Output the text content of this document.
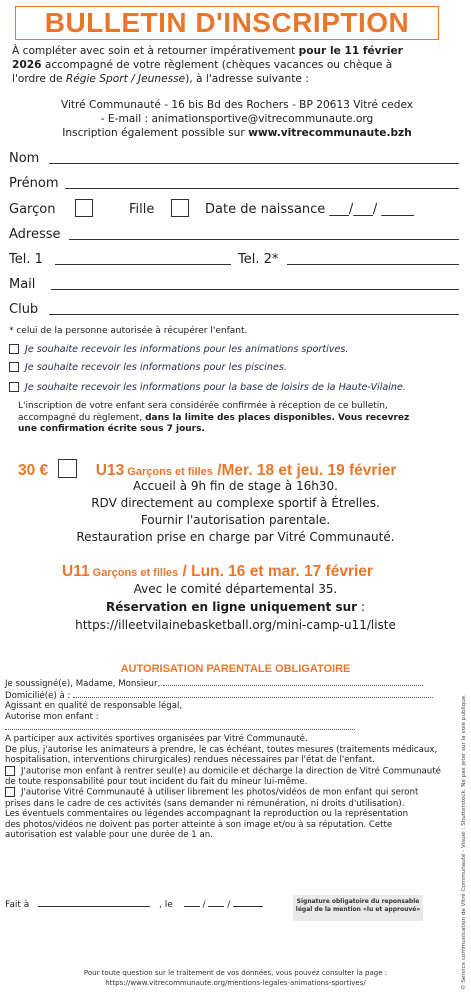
BULLETIN D'INSCRIPTION
À compléter avec soin et à retourner impérativement pour le 11 février
2026 accompagné de votre règlement (chèques vacances ou chèque à
l'ordre de Régie Sport / Jeunesse), à l'adresse suivante :
Vitré Communauté - 16 bis Bd des Rochers - BP 20613 Vitré cedex
- E-mail : animationsportive@vitrecommunaute.org
Inscription également possible sur www.vitrecommunaute.bzh
Nom
Prénom
Garçon	Fille	Date de naissance ___/___/ _____
Adresse
Tel. 1	Tel. 2*
Mail
Club
* celui de la personne autorisée à récupérer l'enfant.
Je souhaite recevoir les informations pour les animations sportives.
Je souhaite recevoir les informations pour les piscines.
Je souhaite recevoir les informations pour la base de loisirs de la Haute-Vilaine.
L'inscription de votre enfant sera considérée confirmée à réception de ce bulletin,
accompagné du règlement, dans la limite des places disponibles. Vous recevrez
une confirmation écrite sous 7 jours.
30 €	U13 Garçons et filles /Mer. 18 et jeu. 19 février
Accueil à 9h fin de stage à 16h30.
RDV directement au complexe sportif à Étrelles.
Fournir l'autorisation parentale.
Restauration prise en charge par Vitré Communauté.
U11 Garçons et filles / Lun. 16 et mar. 17 février
Avec le comité départemental 35.
Réservation en ligne uniquement sur :
https://illeetvilainebasketball.org/mini-camp-u11/liste
AUTORISATION PARENTALE OBLIGATOIRE
Je soussigné(e), Madame, Monsieur,
Domicilié(e) à :
Agissant en qualité de responsable légal,
Autorise mon enfant :
A participer aux activités sportives organisées par Vitré Communauté.
De plus, j'autorise les animateurs à prendre, le cas échéant, toutes mesures (traitements médicaux, hospitalisation, interventions chirurgicales) rendues nécessaires par l'état de l'enfant.
J'autorise mon enfant à rentrer seul(e) au domicile et décharge la direction de Vitré Communauté de toute responsabilité pour tout incident du fait du mineur lui-même.
J'autorise Vitré Communauté à utiliser librement les photos/vidéos de mon enfant qui seront prises dans le cadre de ces activités (sans demander ni rémunération, ni droits d'utilisation).
Les éventuels commentaires ou légendes accompagnant la reproduction ou la représentation
des photos/vidéos ne doivent pas porter atteinte à son image et/ou à sa réputation. Cette autorisation est valable pour une durée de 1 an.
Fait à	, le	/  /	Signature obligatoire du reponsable légal de la mention «lu et approuvé»
Pour toute question sur le traitement de vos données, vous pouvez consulter la page :
https://www.vitrecommunaute.org/mentions-legales-animations-sportives/	© Service communication de Vitré Communauté - Visuel : Shutterstock. Ne pas jeter sur la voie publique.
